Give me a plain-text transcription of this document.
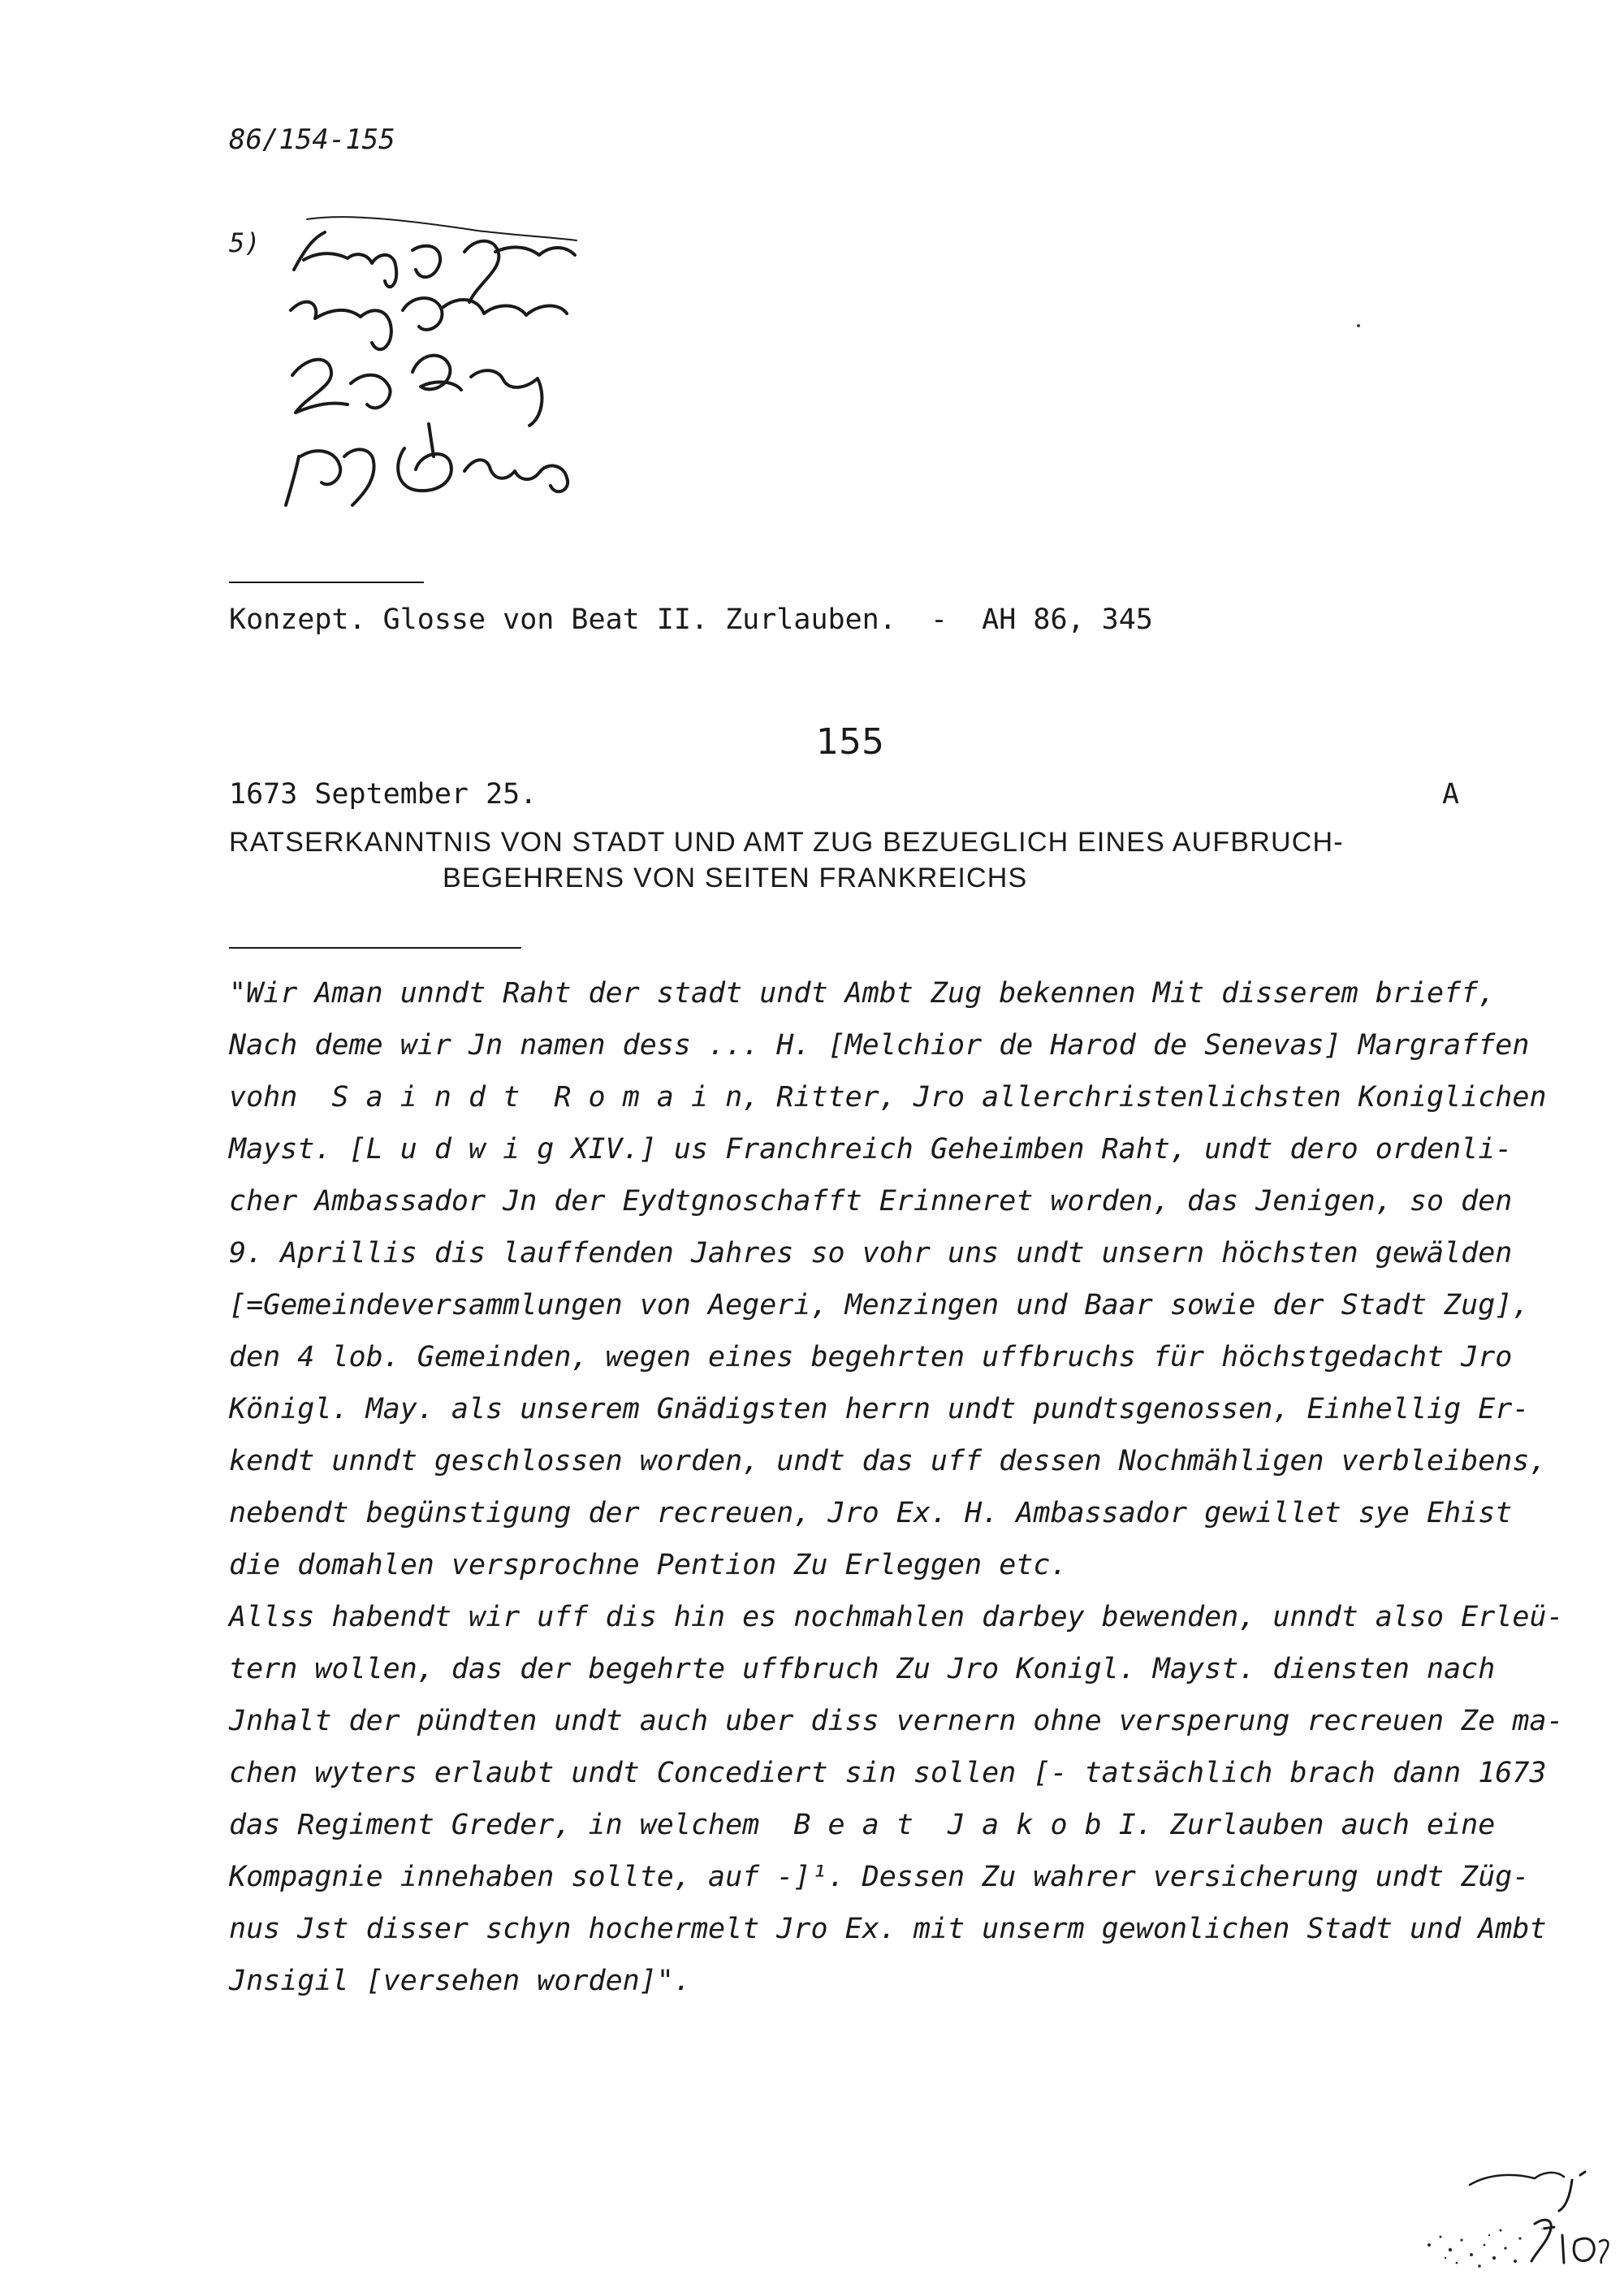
86/154-155
5)
Konzept. Glosse von Beat II. Zurlauben.  -  AH 86, 345
155
1673 September 25.	A
RATSERKANNTNIS VON STADT UND AMT ZUG BEZUEGLICH EINES AUFBRUCH-
BEGEHRENS VON SEITEN FRANKREICHS
"Wir Aman unndt Raht der stadt undt Ambt Zug bekennen Mit disserem brieff,
Nach deme wir Jn namen dess ... H. [Melchior de Harod de Senevas] Margraffen
vohn  S a i n d t  R o m a i n, Ritter, Jro allerchristenlichsten Koniglichen
Mayst. [L u d w i g XIV.] us Franchreich Geheimben Raht, undt dero ordenli-
cher Ambassador Jn der Eydtgnoschafft Erinneret worden, das Jenigen, so den
9. Aprillis dis lauffenden Jahres so vohr uns undt unsern höchsten gewälden
[=Gemeindeversammlungen von Aegeri, Menzingen und Baar sowie der Stadt Zug],
den 4 lob. Gemeinden, wegen eines begehrten uffbruchs für höchstgedacht Jro
Königl. May. als unserem Gnädigsten herrn undt pundtsgenossen, Einhellig Er-
kendt unndt geschlossen worden, undt das uff dessen Nochmähligen verbleibens,
nebendt begünstigung der recreuen, Jro Ex. H. Ambassador gewillet sye Ehist
die domahlen versprochne Pention Zu Erleggen etc.
Allss habendt wir uff dis hin es nochmahlen darbey bewenden, unndt also Erleü-
tern wollen, das der begehrte uffbruch Zu Jro Konigl. Mayst. diensten nach
Jnhalt der pündten undt auch uber diss vernern ohne versperung recreuen Ze ma-
chen wyters erlaubt undt Concediert sin sollen [- tatsächlich brach dann 1673
das Regiment Greder, in welchem  B e a t  J a k o b I. Zurlauben auch eine
Kompagnie innehaben sollte, auf -]¹. Dessen Zu wahrer versicherung undt Züg-
nus Jst disser schyn hochermelt Jro Ex. mit unserm gewonlichen Stadt und Ambt
Jnsigil [versehen worden]".
510
